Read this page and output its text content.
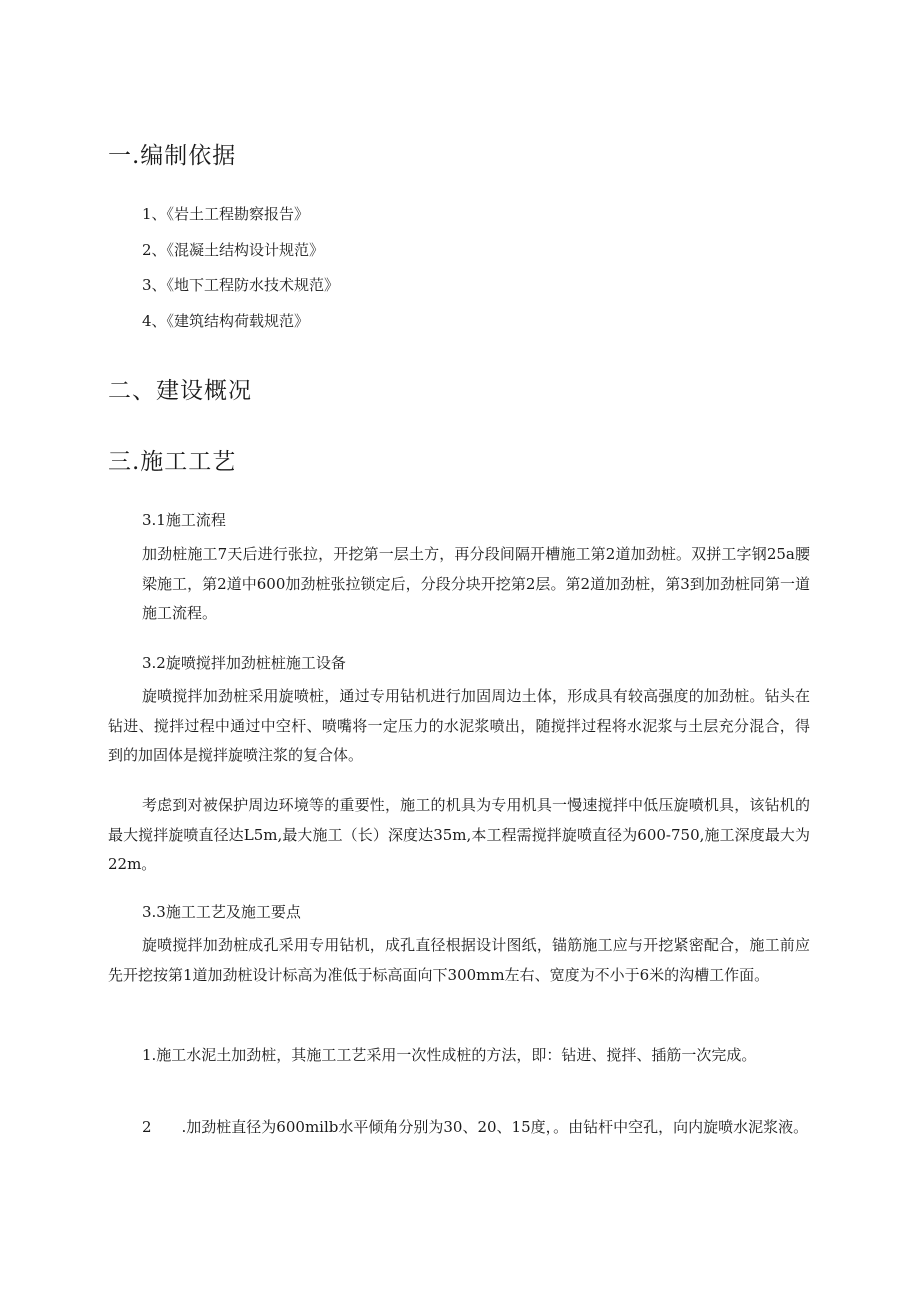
一.编制依据
1、《岩土工程勘察报告》
2、《混凝土结构设计规范》
3、《地下工程防水技术规范》
4、《建筑结构荷载规范》
二、建设概况
三.施工工艺
3.1施工流程
加劲桩施工7天后进行张拉，开挖第一层土方，再分段间隔开槽施工第2道加劲桩。双拼工字钢25a腰梁施工，第2道中600加劲桩张拉锁定后，分段分块开挖第2层。第2道加劲桩，第3到加劲桩同第一道施工流程。
3.2旋喷搅拌加劲桩桩施工设备
旋喷搅拌加劲桩采用旋喷桩，通过专用钻机进行加固周边土体，形成具有较高强度的加劲桩。钻头在钻进、搅拌过程中通过中空杆、喷嘴将一定压力的水泥浆喷出，随搅拌过程将水泥浆与土层充分混合，得到的加固体是搅拌旋喷注浆的复合体。
考虑到对被保护周边环境等的重要性，施工的机具为专用机具一慢速搅拌中低压旋喷机具，该钻机的最大搅拌旋喷直径达L5m,最大施工（长）深度达35m,本工程需搅拌旋喷直径为600-750,施工深度最大为22m。
3.3施工工艺及施工要点
旋喷搅拌加劲桩成孔采用专用钻机，成孔直径根据设计图纸，锚筋施工应与开挖紧密配合，施工前应先开挖按第1道加劲桩设计标高为准低于标高面向下300mm左右、宽度为不小于6米的沟槽工作面。
1.施工水泥土加劲桩，其施工工艺采用一次性成桩的方法，即：钻进、搅拌、插筋一次完成。
2　　.加劲桩直径为600milb水平倾角分别为30、20、15度，。由钻杆中空孔，向内旋喷水泥浆液。
